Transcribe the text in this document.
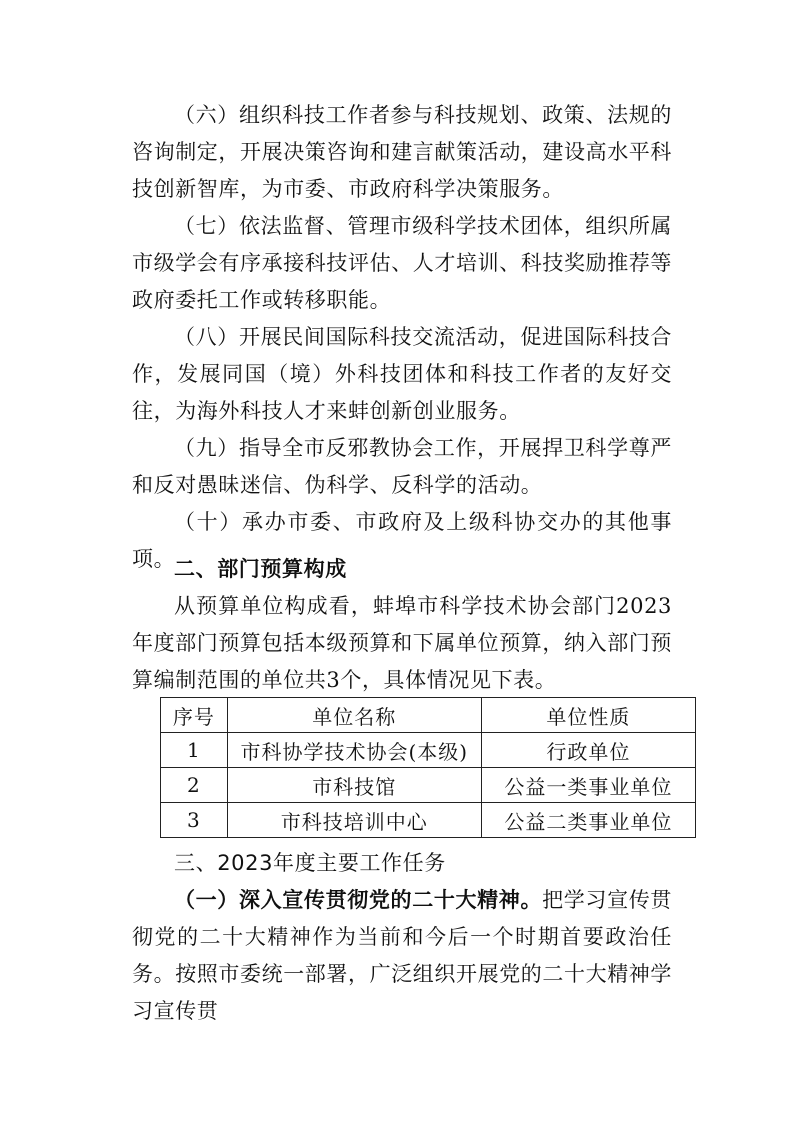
（六）组织科技工作者参与科技规划、政策、法规的咨询制定，开展决策咨询和建言献策活动，建设高水平科技创新智库，为市委、市政府科学决策服务。

（七）依法监督、管理市级科学技术团体，组织所属市级学会有序承接科技评估、人才培训、科技奖励推荐等政府委托工作或转移职能。

（八）开展民间国际科技交流活动，促进国际科技合作，发展同国（境）外科技团体和科技工作者的友好交往，为海外科技人才来蚌创新创业服务。

（九）指导全市反邪教协会工作，开展捍卫科学尊严和反对愚昧迷信、伪科学、反科学的活动。

（十）承办市委、市政府及上级科协交办的其他事项。

二、部门预算构成

从预算单位构成看，蚌埠市科学技术协会部门2023年度部门预算包括本级预算和下属单位预算，纳入部门预算编制范围的单位共3个，具体情况见下表。

序号	单位名称	单位性质
1	市科协学技术协会(本级)	行政单位
2	市科技馆	公益一类事业单位
3	市科技培训中心	公益二类事业单位
三、2023年度主要工作任务

（一）深入宣传贯彻党的二十大精神。把学习宣传贯彻党的二十大精神作为当前和今后一个时期首要政治任务。按照市委统一部署，广泛组织开展党的二十大精神学习宣传贯
